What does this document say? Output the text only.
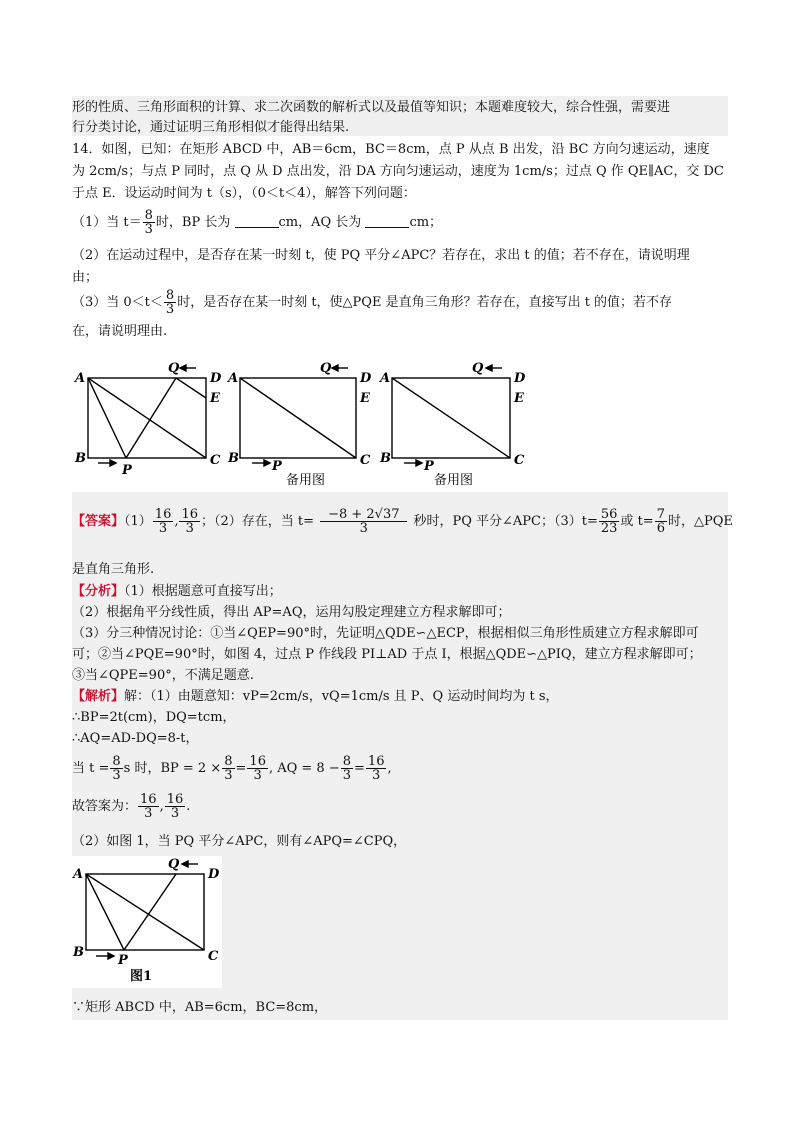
形的性质、三角形面积的计算、求二次函数的解析式以及最值等知识；本题难度较大，综合性强，需要进
行分类讨论，通过证明三角形相似才能得出结果.
14．如图，已知：在矩形 ABCD 中，AB＝6cm，BC＝8cm，点 P 从点 B 出发，沿 BC 方向匀速运动，速度
为 2cm/s；与点 P 同时，点 Q 从 D 点出发，沿 DA 方向匀速运动，速度为 1cm/s；过点 Q 作 QE∥AC，交 DC
于点 E．设运动时间为 t（s），（0＜t＜4），解答下列问题：
（1）当 $t= \frac{8}{3}$ 时，BP 长为	cm，AQ 长为	cm；
（2）在运动过程中，是否存在某一时刻 t，使 PQ 平分∠APC？若存在，求出 t 的值；若不存在，请说明理
由；
（3）当 $0<t< \frac{8}{3}$ 时，是否存在某一时刻 t，使△PQE 是直角三角形？若存在，直接写出 t 的值；若不存
在，请说明理由.
A
B	C
D
E
P
Q
A
B	C
D
E
P
Q
A
B	C
D
E
P
Q
备用图	备用图
【答案】$(1) \frac{16}{3}$ , $\frac{16}{3}$ ；（2）存在，当 $t= \frac{-8 + 2√37}{3}$ 秒时，PQ 平分∠APC；$(3)t= \frac{56}{23}$ 或 $t= \frac{7}{6}$ 时，△PQE
是直角三角形.
【分析】（1）根据题意可直接写出；
（2）根据角平分线性质，得出 AP=AQ，运用勾股定理建立方程求解即可；
（3）分三种情况讨论：①当∠QEP=90°时，先证明△QDE∽△ECP，根据相似三角形性质建立方程求解即可
可；②当∠PQE=90°时，如图 4，过点 P 作线段 PI⊥AD 于点 I，根据△QDE∽△PIQ，建立方程求解即可；
③当∠QPE=90°，不满足题意.
【解析】解：（1）由题意知：vP=2cm/s，vQ=1cm/s 且 P、Q 运动时间均为 t s，
∴BP=2t(cm)，DQ=tcm，
∴AQ=AD-DQ=8-t，
当 $t = \frac{8}{3}$ s 时，BP = $2 \times \frac{8}{3} = \frac{16}{3}$ , AQ = $8 - \frac{8}{3} = \frac{16}{3}$ ,
故答案为： $\frac{16}{3}$ , $\frac{16}{3}$ .
（2）如图 1，当 PQ 平分∠APC，则有∠APQ=∠CPQ，
A
B	C
D
P
Q
图1
∵矩形 ABCD 中，AB=6cm，BC=8cm，
